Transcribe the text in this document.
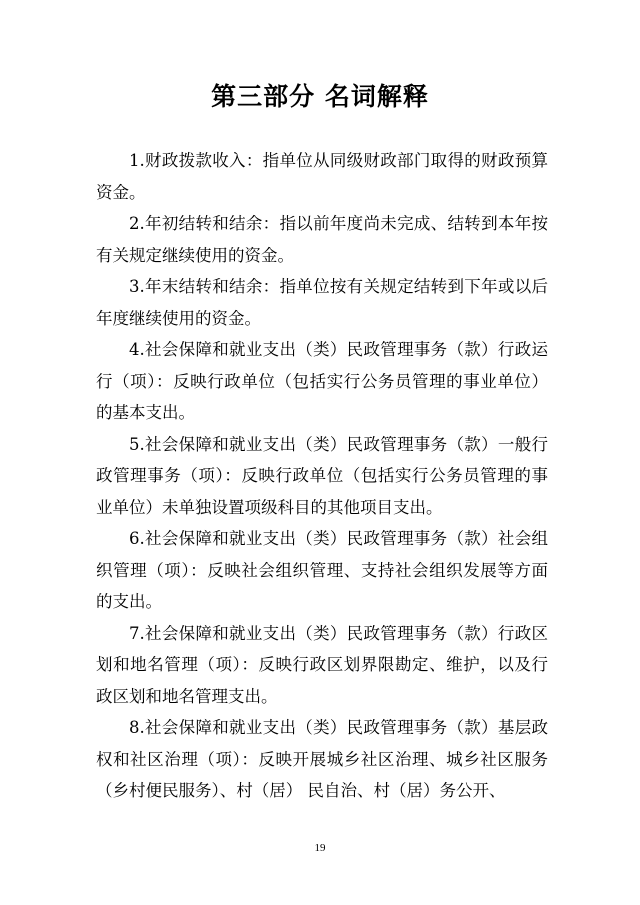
第三部分 名词解释

1.财政拨款收入：指单位从同级财政部门取得的财政预算资金。

2.年初结转和结余：指以前年度尚未完成、结转到本年按有关规定继续使用的资金。

3.年末结转和结余：指单位按有关规定结转到下年或以后年度继续使用的资金。

4.社会保障和就业支出（类）民政管理事务（款）行政运行（项）：反映行政单位（包括实行公务员管理的事业单位）的基本支出。

5.社会保障和就业支出（类）民政管理事务（款）一般行政管理事务（项）：反映行政单位（包括实行公务员管理的事业单位）未单独设置项级科目的其他项目支出。

6.社会保障和就业支出（类）民政管理事务（款）社会组织管理（项）：反映社会组织管理、支持社会组织发展等方面的支出。

7.社会保障和就业支出（类）民政管理事务（款）行政区划和地名管理（项）：反映行政区划界限勘定、维护，以及行政区划和地名管理支出。

8.社会保障和就业支出（类）民政管理事务（款）基层政权和社区治理（项）：反映开展城乡社区治理、城乡社区服务（乡村便民服务）、村（居） 民自治、村（居）务公开、

19
